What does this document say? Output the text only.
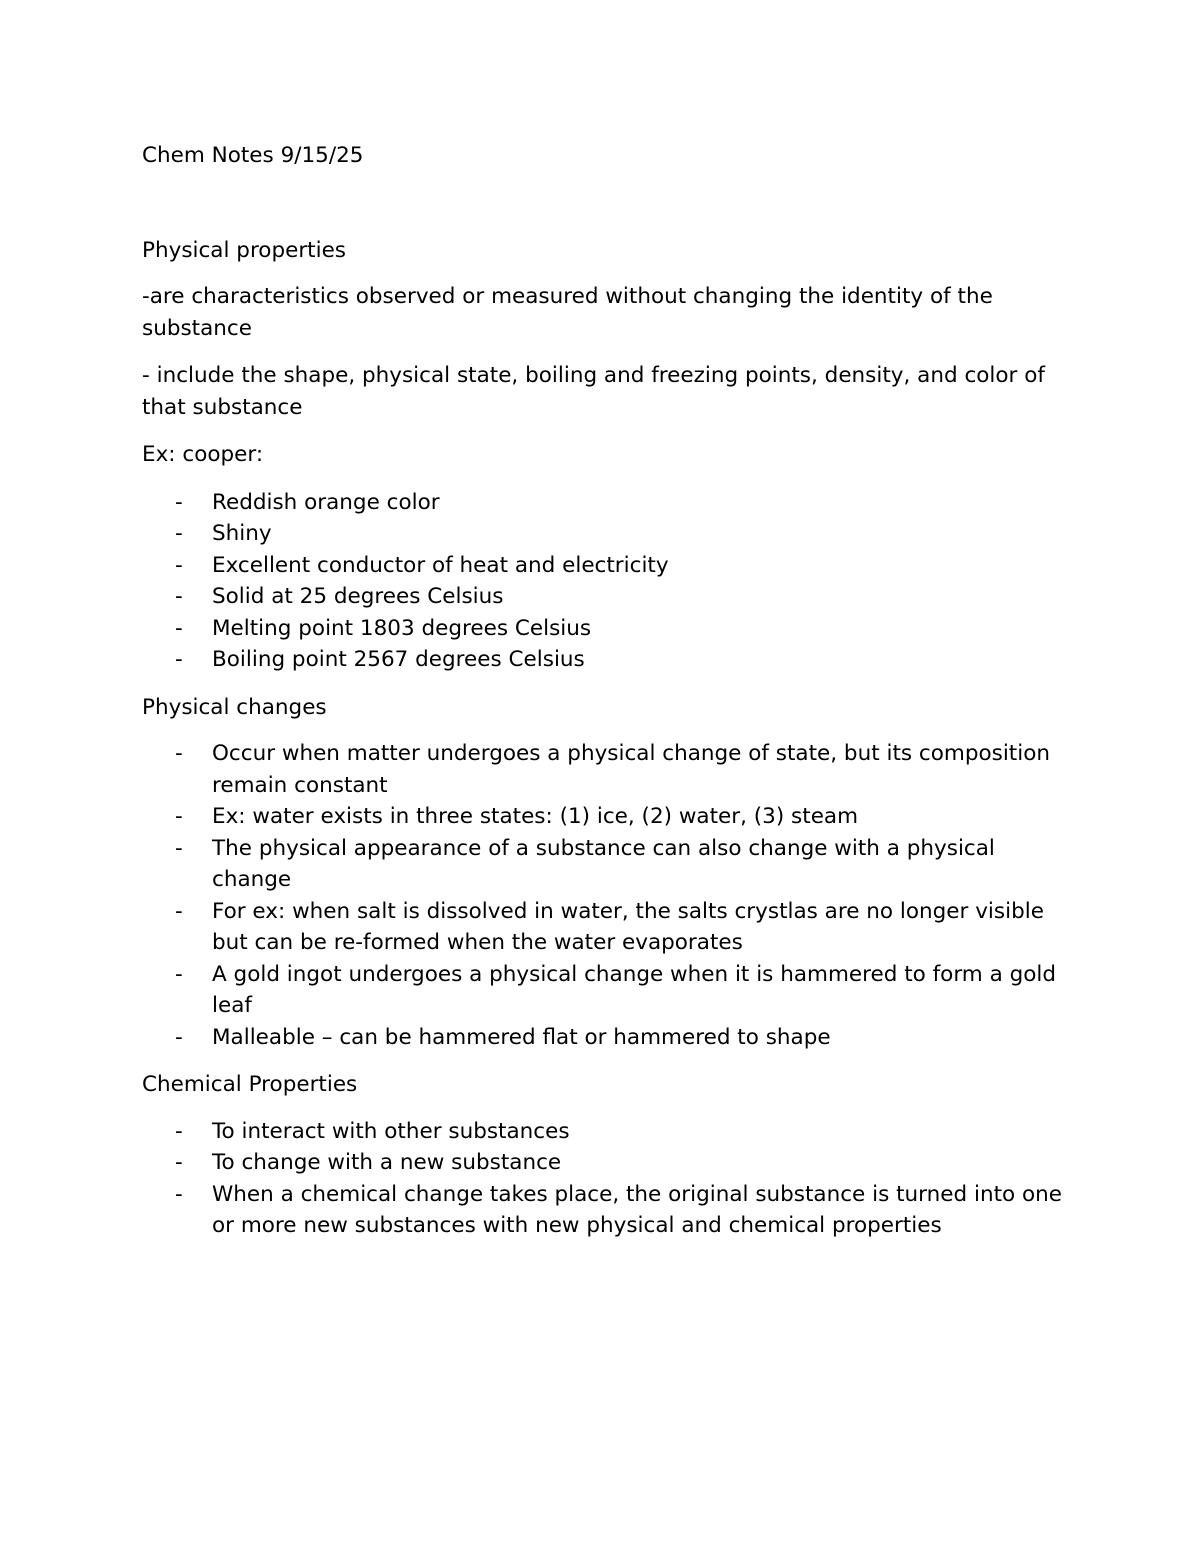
Chem Notes 9/15/25
Physical properties
-are characteristics observed or measured without changing the identity of the substance
- include the shape, physical state, boiling and freezing points, density, and color of that substance
Ex: cooper:
- Reddish orange color
- Shiny
- Excellent conductor of heat and electricity
- Solid at 25 degrees Celsius
- Melting point 1803 degrees Celsius
- Boiling point 2567 degrees Celsius
Physical changes
- Occur when matter undergoes a physical change of state, but its composition remain constant
- Ex: water exists in three states: (1) ice, (2) water, (3) steam
- The physical appearance of a substance can also change with a physical change
- For ex: when salt is dissolved in water, the salts crystlas are no longer visible but can be re-formed when the water evaporates
- A gold ingot undergoes a physical change when it is hammered to form a gold leaf
- Malleable – can be hammered flat or hammered to shape
Chemical Properties
- To interact with other substances
- To change with a new substance
- When a chemical change takes place, the original substance is turned into one or more new substances with new physical and chemical properties
